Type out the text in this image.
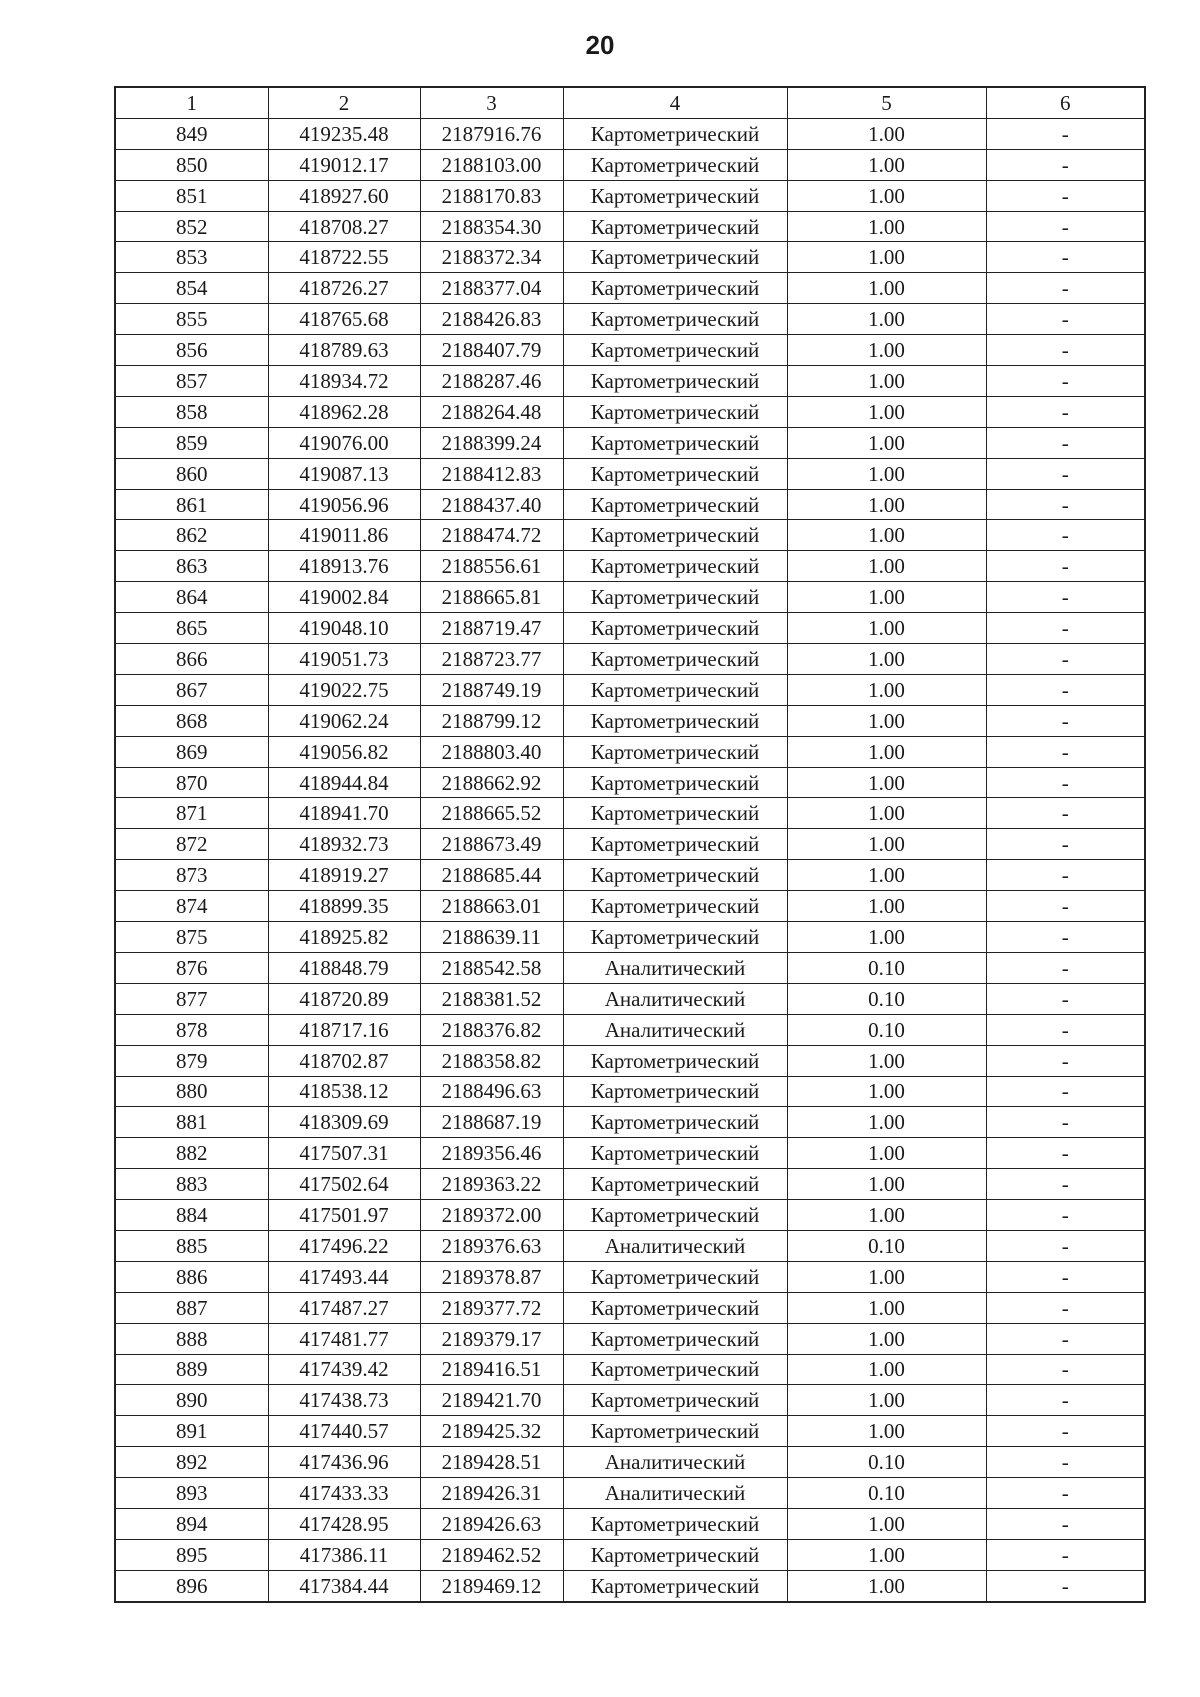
20
1	2	3	4	5	6
849	419235.48	2187916.76	Картометрический	1.00	-
850	419012.17	2188103.00	Картометрический	1.00	-
851	418927.60	2188170.83	Картометрический	1.00	-
852	418708.27	2188354.30	Картометрический	1.00	-
853	418722.55	2188372.34	Картометрический	1.00	-
854	418726.27	2188377.04	Картометрический	1.00	-
855	418765.68	2188426.83	Картометрический	1.00	-
856	418789.63	2188407.79	Картометрический	1.00	-
857	418934.72	2188287.46	Картометрический	1.00	-
858	418962.28	2188264.48	Картометрический	1.00	-
859	419076.00	2188399.24	Картометрический	1.00	-
860	419087.13	2188412.83	Картометрический	1.00	-
861	419056.96	2188437.40	Картометрический	1.00	-
862	419011.86	2188474.72	Картометрический	1.00	-
863	418913.76	2188556.61	Картометрический	1.00	-
864	419002.84	2188665.81	Картометрический	1.00	-
865	419048.10	2188719.47	Картометрический	1.00	-
866	419051.73	2188723.77	Картометрический	1.00	-
867	419022.75	2188749.19	Картометрический	1.00	-
868	419062.24	2188799.12	Картометрический	1.00	-
869	419056.82	2188803.40	Картометрический	1.00	-
870	418944.84	2188662.92	Картометрический	1.00	-
871	418941.70	2188665.52	Картометрический	1.00	-
872	418932.73	2188673.49	Картометрический	1.00	-
873	418919.27	2188685.44	Картометрический	1.00	-
874	418899.35	2188663.01	Картометрический	1.00	-
875	418925.82	2188639.11	Картометрический	1.00	-
876	418848.79	2188542.58	Аналитический	0.10	-
877	418720.89	2188381.52	Аналитический	0.10	-
878	418717.16	2188376.82	Аналитический	0.10	-
879	418702.87	2188358.82	Картометрический	1.00	-
880	418538.12	2188496.63	Картометрический	1.00	-
881	418309.69	2188687.19	Картометрический	1.00	-
882	417507.31	2189356.46	Картометрический	1.00	-
883	417502.64	2189363.22	Картометрический	1.00	-
884	417501.97	2189372.00	Картометрический	1.00	-
885	417496.22	2189376.63	Аналитический	0.10	-
886	417493.44	2189378.87	Картометрический	1.00	-
887	417487.27	2189377.72	Картометрический	1.00	-
888	417481.77	2189379.17	Картометрический	1.00	-
889	417439.42	2189416.51	Картометрический	1.00	-
890	417438.73	2189421.70	Картометрический	1.00	-
891	417440.57	2189425.32	Картометрический	1.00	-
892	417436.96	2189428.51	Аналитический	0.10	-
893	417433.33	2189426.31	Аналитический	0.10	-
894	417428.95	2189426.63	Картометрический	1.00	-
895	417386.11	2189462.52	Картометрический	1.00	-
896	417384.44	2189469.12	Картометрический	1.00	-
